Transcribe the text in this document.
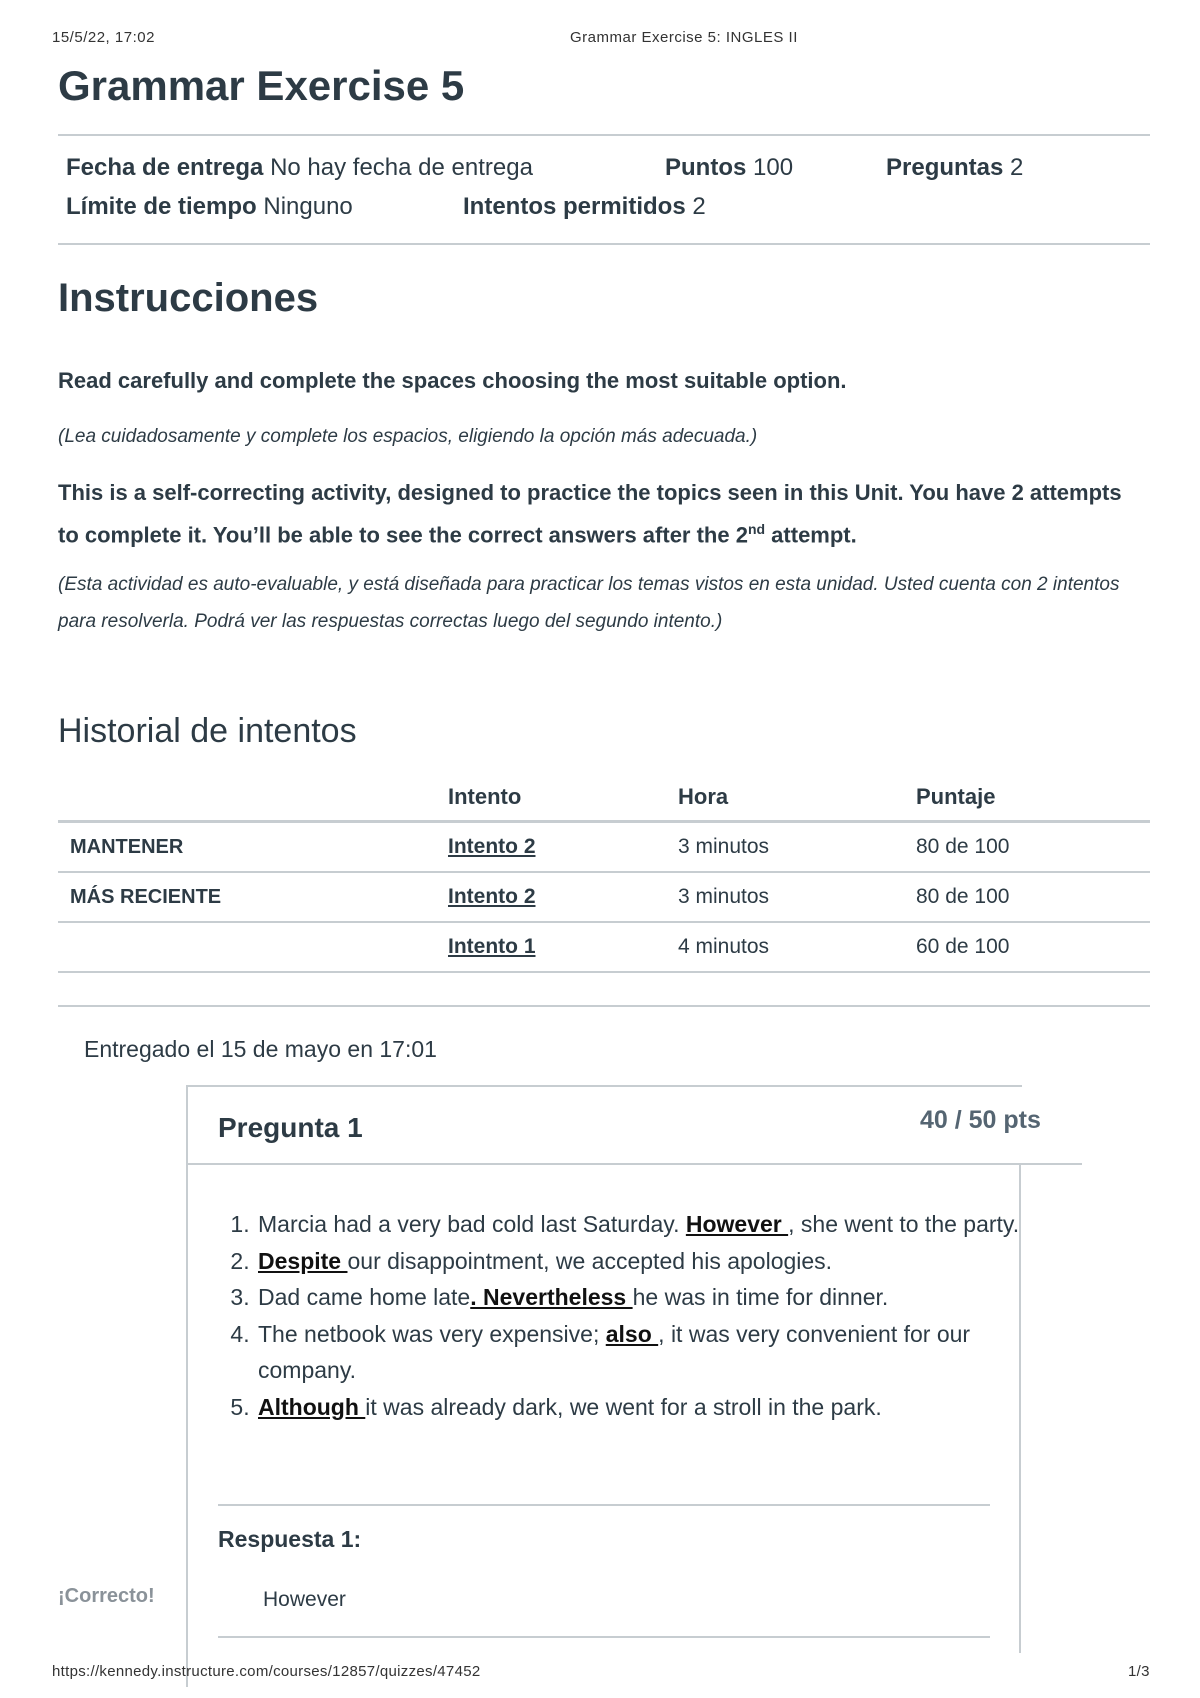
15/5/22, 17:02	Grammar Exercise 5: INGLES II
Grammar Exercise 5
Fecha de entrega No hay fecha de entrega	Puntos 100	Preguntas 2
Límite de tiempo Ninguno	Intentos permitidos 2
Instrucciones
Read carefully and complete the spaces choosing the most suitable option.
(Lea cuidadosamente y complete los espacios, eligiendo la opción más adecuada.)
This is a self-correcting activity, designed to practice the topics seen in this Unit. You have 2 attempts to complete it. You’ll be able to see the correct answers after the 2nd attempt.
(Esta actividad es auto-evaluable, y está diseñada para practicar los temas vistos en esta unidad. Usted cuenta con 2 intentos para resolverla. Podrá ver las respuestas correctas luego del segundo intento.)
Historial de intentos
	Intento	Hora	Puntaje
MANTENER	Intento 2	3 minutos	80 de 100
MÁS RECIENTE	Intento 2	3 minutos	80 de 100
	Intento 1	4 minutos	60 de 100
Entregado el 15 de mayo en 17:01
Pregunta 1	40 / 50 pts
1. Marcia had a very bad cold last Saturday. However , she went to the party.
2. Despite our disappointment, we accepted his apologies.
3. Dad came home late. Nevertheless he was in time for dinner.
4. The netbook was very expensive; also , it was very convenient for our company.
5. Although it was already dark, we went for a stroll in the park.
Respuesta 1:
¡Correcto!	However
https://kennedy.instructure.com/courses/12857/quizzes/47452	1/3
